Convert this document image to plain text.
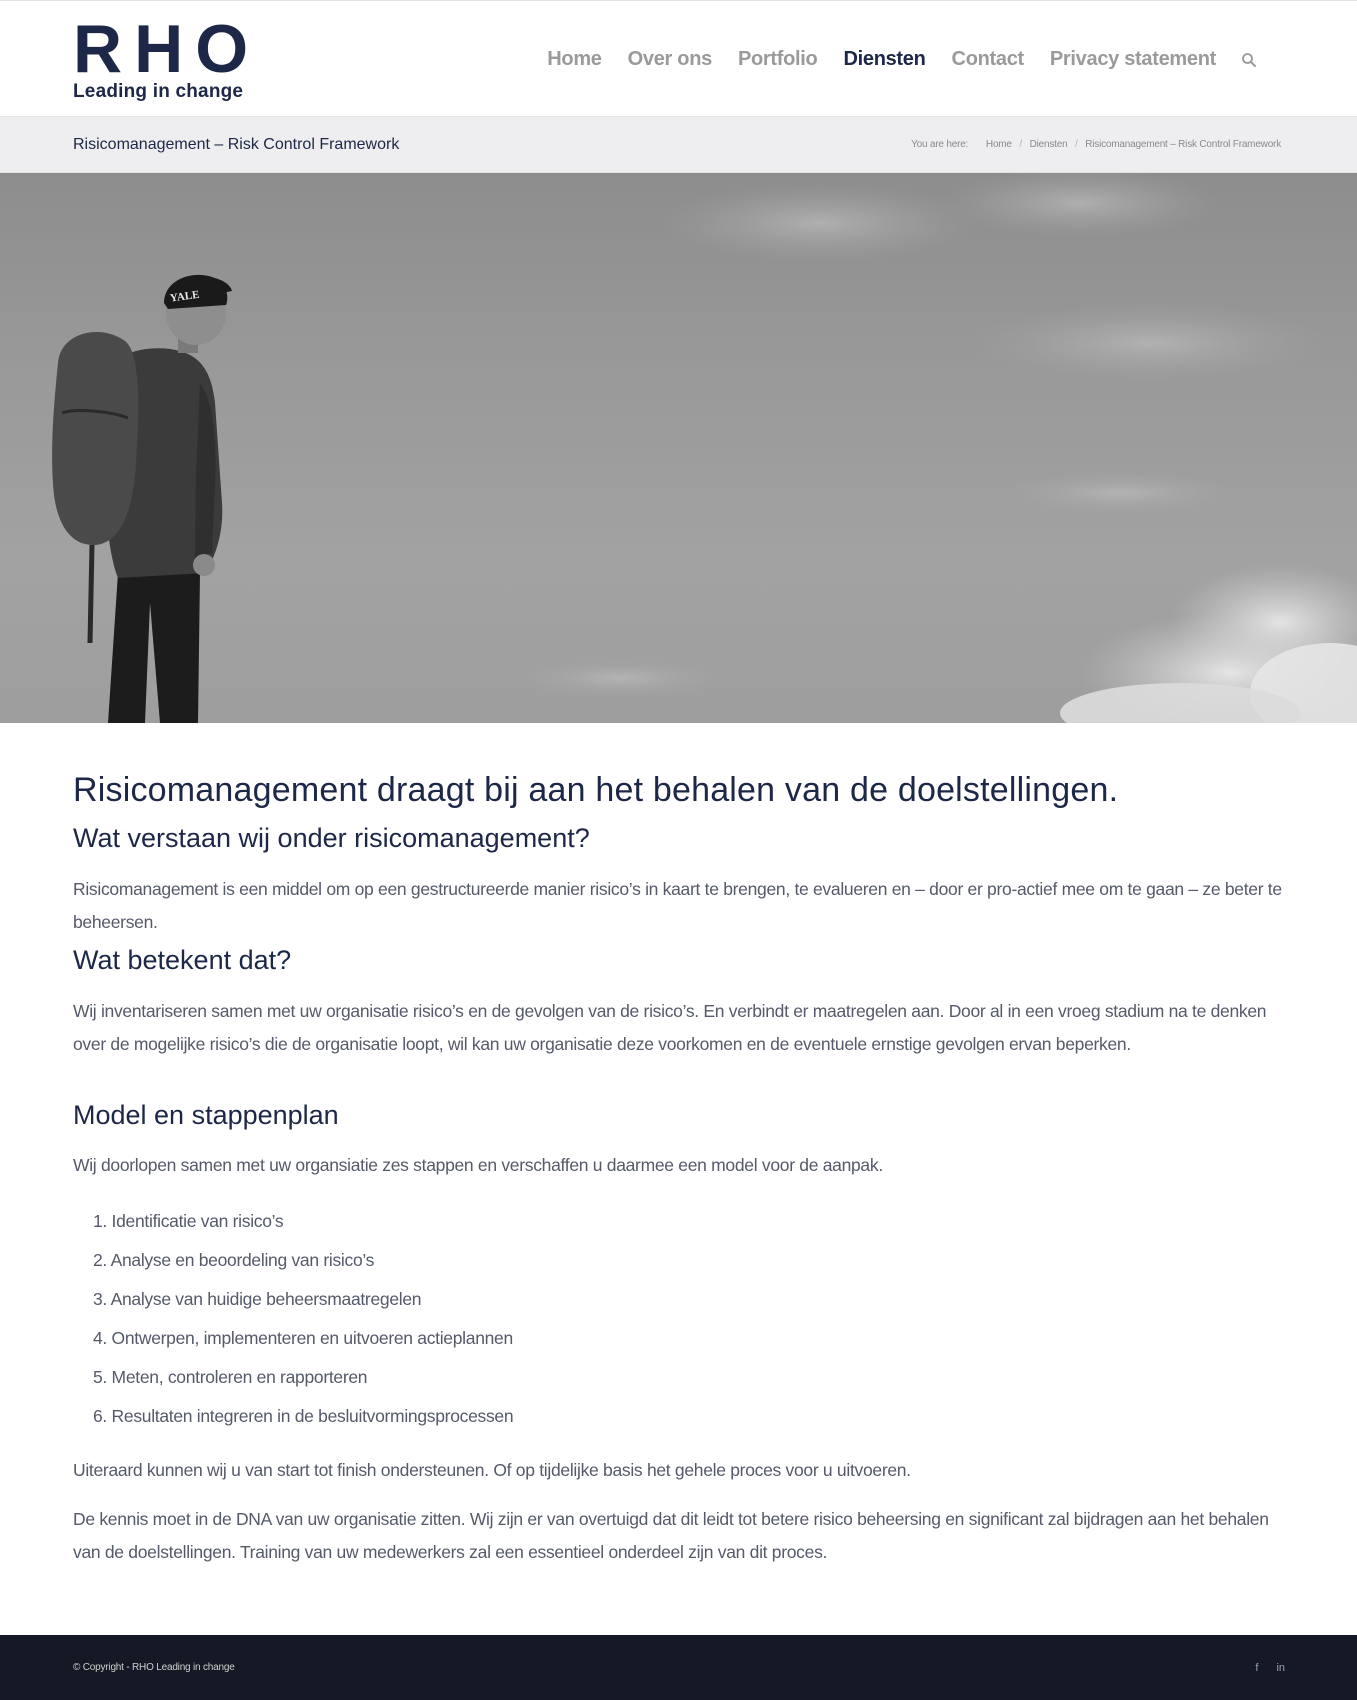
RHO
Leading in change
Home	Over ons	Portfolio	Diensten	Contact	Privacy statement
Risicomanagement – Risk Control Framework	You are here: Home / Diensten / Risicomanagement – Risk Control Framework
YALE
Risicomanagement draagt bij aan het behalen van de doelstellingen.
Wat verstaan wij onder risicomanagement?

Risicomanagement is een middel om op een gestructureerde manier risico’s in kaart te brengen, te evalueren en – door er pro-actief mee om te gaan – ze beter te beheersen.

Wat betekent dat?

Wij inventariseren samen met uw organisatie risico’s en de gevolgen van de risico’s. En verbindt er maatregelen aan. Door al in een vroeg stadium na te denken over de mogelijke risico’s die de organisatie loopt, wil kan uw organisatie deze voorkomen en de eventuele ernstige gevolgen ervan beperken.

Model en stappenplan

Wij doorlopen samen met uw organsiatie zes stappen en verschaffen u daarmee een model voor de aanpak.

1. Identificatie van risico’s
2. Analyse en beoordeling van risico’s
3. Analyse van huidige beheersmaatregelen
4. Ontwerpen, implementeren en uitvoeren actieplannen
5. Meten, controleren en rapporteren
6. Resultaten integreren in de besluitvormingsprocessen

Uiteraard kunnen wij u van start tot finish ondersteunen. Of op tijdelijke basis het gehele proces voor u uitvoeren.

De kennis moet in de DNA van uw organisatie zitten. Wij zijn er van overtuigd dat dit leidt tot betere risico beheersing en significant zal bijdragen aan het behalen van de doelstellingen. Training van uw medewerkers zal een essentieel onderdeel zijn van dit proces.

© Copyright - RHO Leading in change	f in
